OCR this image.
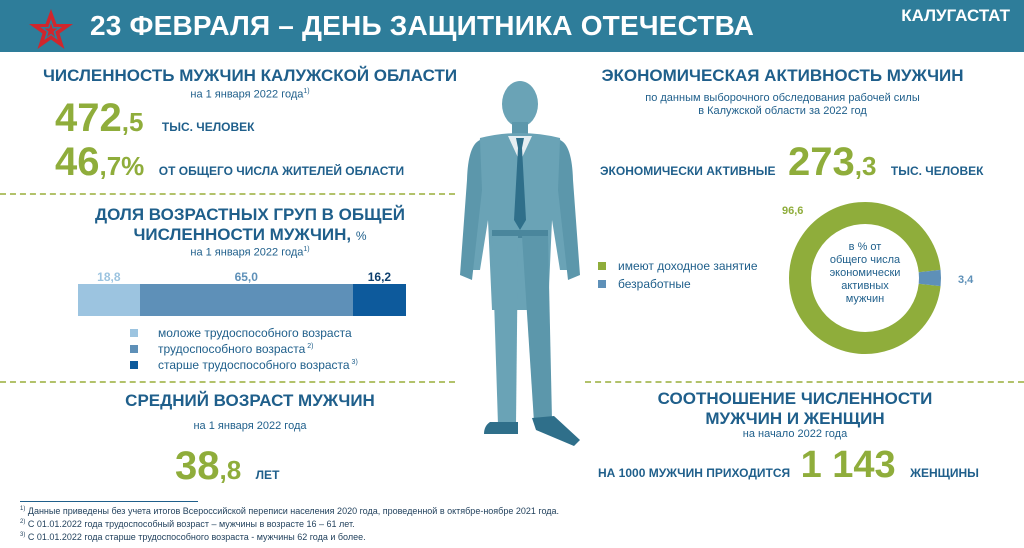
23 ФЕВРАЛЯ – ДЕНЬ ЗАЩИТНИКА ОТЕЧЕСТВА	КАЛУГАСТАТ
ЧИСЛЕННОСТЬ МУЖЧИН КАЛУЖСКОЙ ОБЛАСТИ
на 1 января 2022 года$^{1)}$
472,5 ТЫС. ЧЕЛОВЕК
46,7% ОТ ОБЩЕГО ЧИСЛА ЖИТЕЛЕЙ ОБЛАСТИ
ДОЛЯ ВОЗРАСТНЫХ ГРУП В ОБЩЕЙ
ЧИСЛЕННОСТИ МУЖЧИН, %
на 1 января 2022 года$^{1)}$
18,8	65,0	16,2
моложе трудоспособного возраста
трудоспособного возраста $^{2)}$
старше трудоспособного возраста $^{3)}$
СРЕДНИЙ ВОЗРАСТ МУЖЧИН
на 1 января 2022 года
38,8 ЛЕТ
ЭКОНОМИЧЕСКАЯ АКТИВНОСТЬ МУЖЧИН
по данным выборочного обследования рабочей силы
в Калужской области за 2022 год
ЭКОНОМИЧЕСКИ АКТИВНЫЕ 273,3 ТЫС. ЧЕЛОВЕК
имеют доходное занятие
безработные
96,6
3,4
в % от
общего числа
экономически
активных
мужчин
СООТНОШЕНИЕ ЧИСЛЕННОСТИ
МУЖЧИН И ЖЕНЩИН
на начало 2022 года
НА 1000 МУЖЧИН ПРИХОДИТСЯ 1 143 ЖЕНЩИНЫ
$^{1)}$ Данные приведены без учета итогов Всероссийской переписи населения 2020 года, проведенной в октябре-ноябре 2021 года.
$^{2)}$ С 01.01.2022 года трудоспособный возраст – мужчины в возрасте 16 – 61 лет.
$^{3)}$ С 01.01.2022 года старше трудоспособного возраста - мужчины 62 года и более.
